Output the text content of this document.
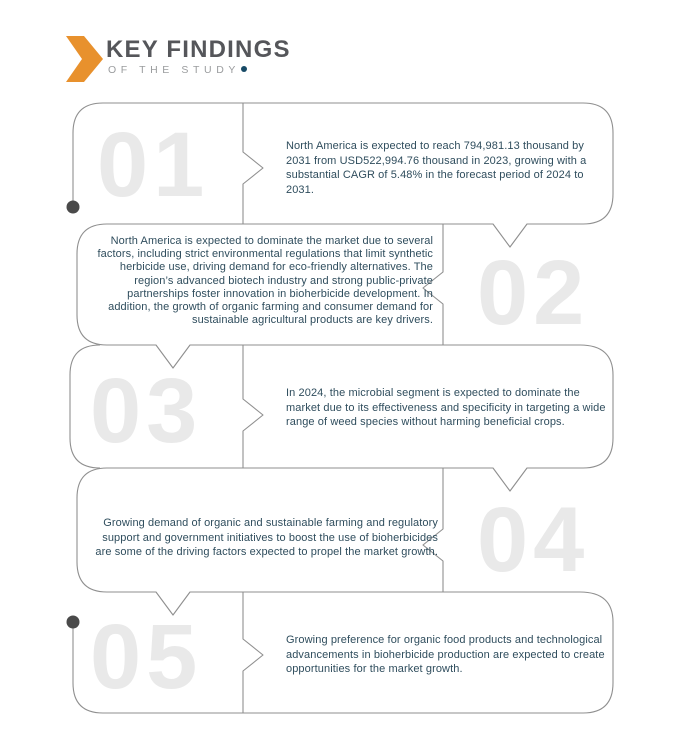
KEY FINDINGS
OF THE STUDY
01
02
03
04
05
North America is expected to reach 794,981.13 thousand by 2031 from USD522,994.76 thousand in 2023, growing with a substantial CAGR of 5.48% in the forecast period of 2024 to 2031.
North America is expected to dominate the market due to several factors, including strict environmental regulations that limit synthetic herbicide use, driving demand for eco-friendly alternatives. The region’s advanced biotech industry and strong public-private partnerships foster innovation in bioherbicide development. In addition, the growth of organic farming and consumer demand for sustainable agricultural products are key drivers.
In 2024, the microbial segment is expected to dominate the market due to its effectiveness and specificity in targeting a wide range of weed species without harming beneficial crops.
Growing demand of organic and sustainable farming and regulatory support and government initiatives to boost the use of bioherbicides are some of the driving factors expected to propel the market growth.
Growing preference for organic food products and technological advancements in bioherbicide production are expected to create opportunities for the market growth.
